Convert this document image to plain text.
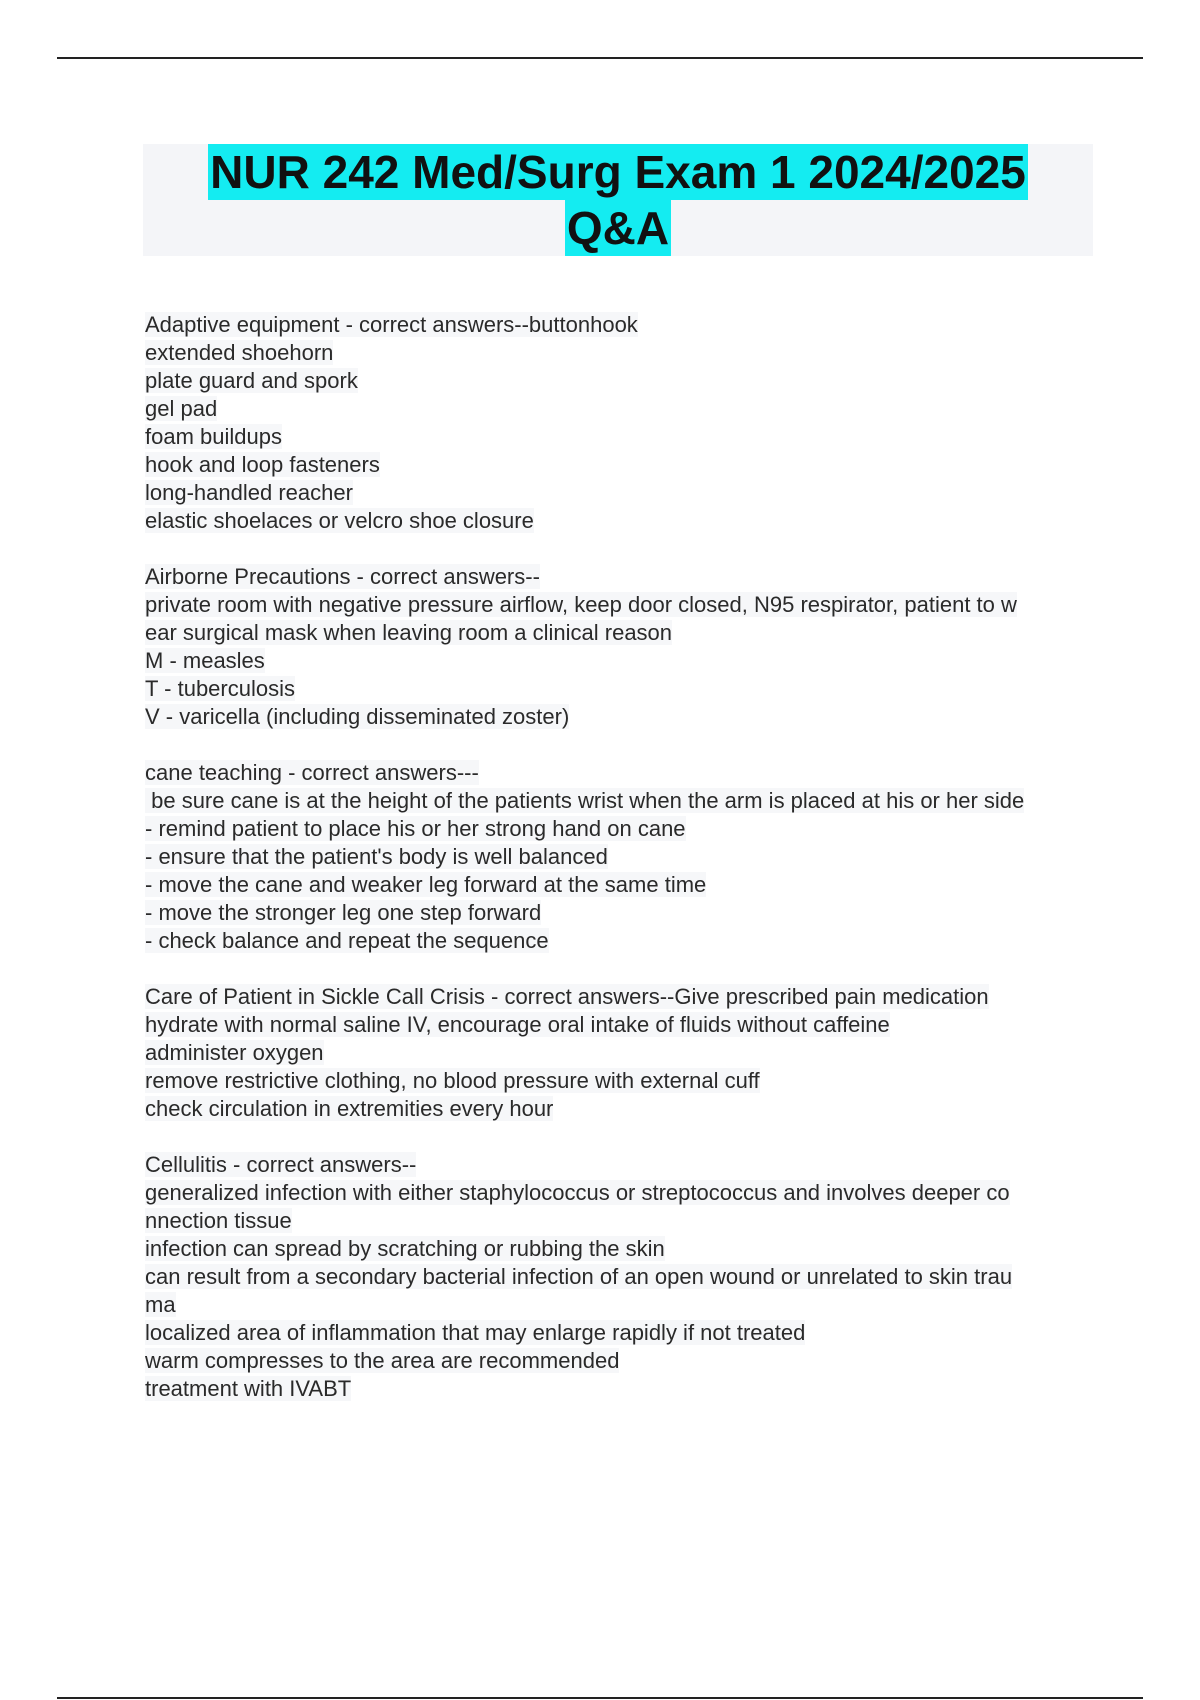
NUR 242 Med/Surg Exam 1 2024/2025
Q&A
Adaptive equipment - correct answers--buttonhook
extended shoehorn
plate guard and spork
gel pad
foam buildups
hook and loop fasteners
long-handled reacher
elastic shoelaces or velcro shoe closure
Airborne Precautions - correct answers--
private room with negative pressure airflow, keep door closed, N95 respirator, patient to w
ear surgical mask when leaving room a clinical reason
M - measles
T - tuberculosis
V - varicella (including disseminated zoster)
cane teaching - correct answers---
be sure cane is at the height of the patients wrist when the arm is placed at his or her side
- remind patient to place his or her strong hand on cane
- ensure that the patient's body is well balanced
- move the cane and weaker leg forward at the same time
- move the stronger leg one step forward
- check balance and repeat the sequence
Care of Patient in Sickle Call Crisis - correct answers--Give prescribed pain medication
hydrate with normal saline IV, encourage oral intake of fluids without caffeine
administer oxygen
remove restrictive clothing, no blood pressure with external cuff
check circulation in extremities every hour
Cellulitis - correct answers--
generalized infection with either staphylococcus or streptococcus and involves deeper co
nnection tissue
infection can spread by scratching or rubbing the skin
can result from a secondary bacterial infection of an open wound or unrelated to skin trau
ma
localized area of inflammation that may enlarge rapidly if not treated
warm compresses to the area are recommended
treatment with IVABT
